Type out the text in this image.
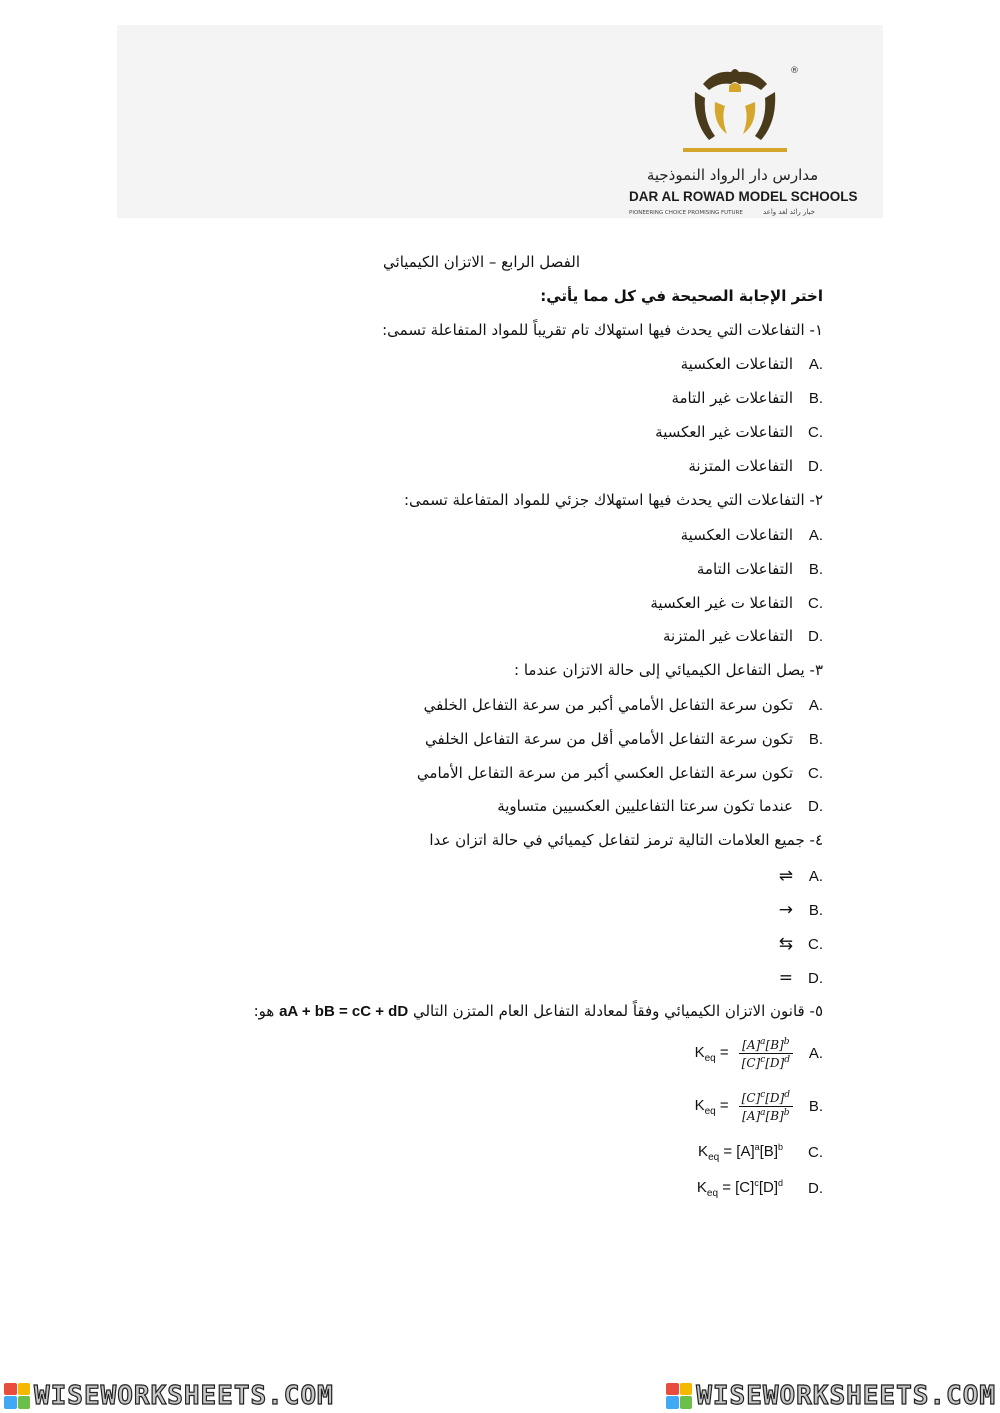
®
مدارس دار الرواد النموذجية
DAR AL ROWAD MODEL SCHOOLS
PIONEERING CHOICE PROMISING FUTURE	خيار رائد لغد واعد
الفصل الرابع – الاتزان الكيميائي
اختر الإجابة الصحيحة في كل مما يأتي:
١- التفاعلات التي يحدث فيها استهلاك تام تقريباً للمواد المتفاعلة تسمى:
التفاعلات العكسية A.
التفاعلات غير التامة B.
التفاعلات غير العكسية C.
التفاعلات المتزنة D.
٢- التفاعلات التي يحدث فيها استهلاك جزئي للمواد المتفاعلة تسمى:
التفاعلات العكسية A.
التفاعلات التامة B.
التفاعلا ت غير العكسية C.
التفاعلات غير المتزنة D.
٣- يصل التفاعل الكيميائي إلى حالة الاتزان عندما :
تكون سرعة التفاعل الأمامي أكبر من سرعة التفاعل الخلفي A.
تكون سرعة التفاعل الأمامي أقل من سرعة التفاعل الخلفي B.
تكون سرعة التفاعل العكسي أكبر من سرعة التفاعل الأمامي C.
عندما تكون سرعتا التفاعليين العكسيين متساوية D.
٤- جميع العلامات التالية ترمز لتفاعل كيميائي في حالة اتزان عدا
⇌ A.
→ B.
⇆ C.
= D.
٥- قانون الاتزان الكيميائي وفقاً لمعادلة التفاعل العام المتزن التالي aA + bB = cC + dD هو:
$K_{eq} = \frac{[A]^a[B]^b}{[C]^c[D]^d}$	A.
$K_{eq} = \frac{[C]^c[D]^d}{[A]^a[B]^b}$	B.
$K_{eq} = [A]^a[B]^b$	C.
$K_{eq} = [C]^c[D]^d$	D.
WISEWORKSHEETS.COM	WISEWORKSHEETS.COM
